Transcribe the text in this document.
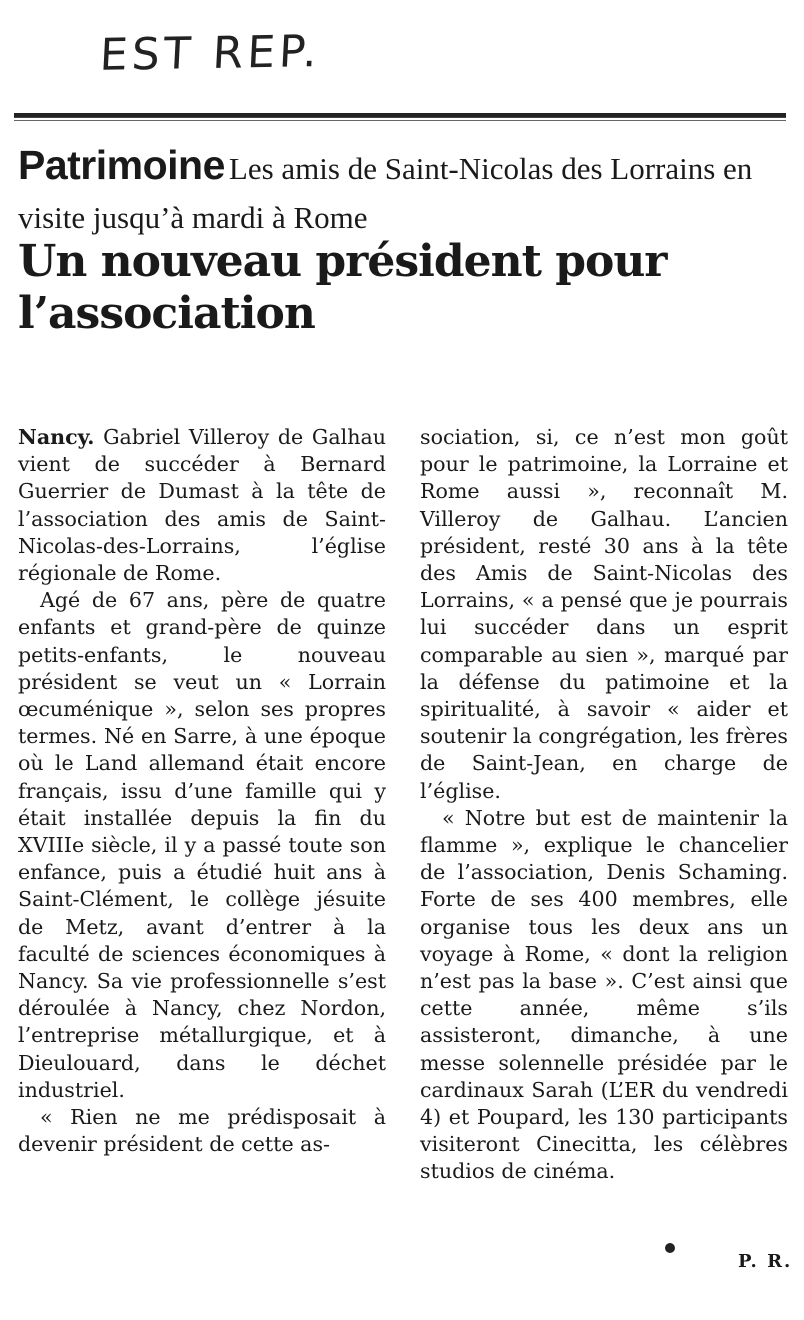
EST REP.
Patrimoine Les amis de Saint-Nicolas des Lorrains en visite jusqu’à mardi à Rome
Un nouveau président pour l’association

Nancy. Gabriel Villeroy de Galhau vient de succéder à Bernard Guerrier de Dumast à la tête de l’association des amis de Saint-Nicolas-des-Lorrains, l’église régionale de Rome.

Agé de 67 ans, père de quatre enfants et grand-père de quinze petits-enfants, le nouveau président se veut un « Lorrain œcuménique », selon ses propres termes. Né en Sarre, à une époque où le Land allemand était encore français, issu d’une famille qui y était installée depuis la fin du XVIIIe siècle, il y a passé toute son enfance, puis a étudié huit ans à Saint-Clément, le collège jésuite de Metz, avant d’entrer à la faculté de sciences économiques à Nancy. Sa vie professionnelle s’est déroulée à Nancy, chez Nordon, l’entreprise métallurgique, et à Dieulouard, dans le déchet industriel.

« Rien ne me prédisposait à devenir président de cette as-

sociation, si, ce n’est mon goût pour le patrimoine, la Lorraine et Rome aussi », reconnaît M. Villeroy de Galhau. L’ancien président, resté 30 ans à la tête des Amis de Saint-Nicolas des Lorrains, « a pensé que je pourrais lui succéder dans un esprit comparable au sien », marqué par la défense du patimoine et la spiritualité, à savoir « aider et soutenir la congrégation, les frères de Saint-Jean, en charge de l’église.

« Notre but est de maintenir la flamme », explique le chancelier de l’association, Denis Schaming. Forte de ses 400 membres, elle organise tous les deux ans un voyage à Rome, « dont la religion n’est pas la base ». C’est ainsi que cette année, même s’ils assisteront, dimanche, à une messe solennelle présidée par le cardinaux Sarah (L’ER du vendredi 4) et Poupard, les 130 participants visiteront Cinecitta, les célèbres studios de cinéma.

P. R.
